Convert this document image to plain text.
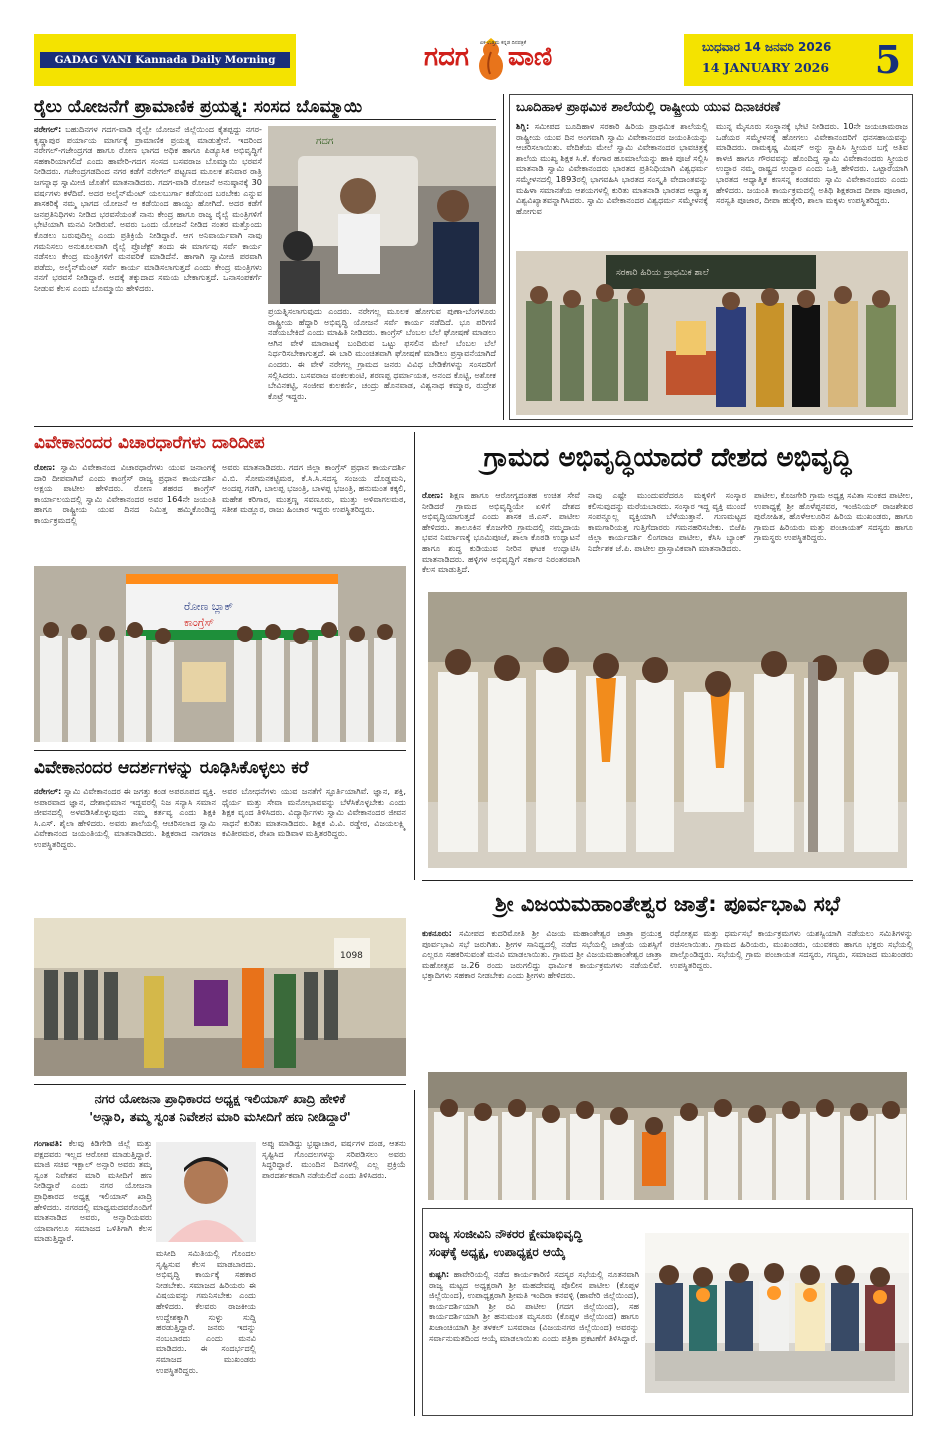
GADAG VANI Kannada Daily Morning	ಗದಗ ವಾಣಿ
ಏಕ ಉತ್ತಮ ಕನ್ನಡ ದಿನಪತ್ರಿಕೆ	ಬುಧವಾರ 14 ಜನವರಿ 2026
14 JANUARY 2026 5
ರೈಲು ಯೋಜನೆಗೆ ಪ್ರಾಮಾಣಿಕ ಪ್ರಯತ್ನ: ಸಂಸದ ಬೊಮ್ಮಾಯಿ

ನರೇಗಲ್: ಬಹುದಿನಗಳ ಗದಗ-ವಾಡಿ ರೈಲ್ವೇ ಯೋಜನೆ ಜಿಲ್ಲೆಯಿಂದ ಕೈತಪ್ಪದ್ದು ನಗರ-ಕೃಷ್ಣಾಪುರ ಪರ್ಯಾಯ ಮಾರ್ಗಕ್ಕೆ ಪ್ರಾಮಾಣಿಕ ಪ್ರಯತ್ನ ಮಾಡುತ್ತೇನೆ. ಇದರಿಂದ ನರೇಗಲ್-ಗಜೇಂದ್ರಗಡ ಹಾಗೂ ರೋಣ ಭಾಗದ ಅಧಿಕ ಹಾಗೂ ಪಿಡ್ಯೂಸಿಕ ಅಭಿವೃದ್ಧಿಗೆ ಸಹಕಾರಿಯಾಗಲಿದೆ ಎಂದು ಹಾವೇರಿ-ಗದಗ ಸಂಸದ ಬಸವರಾಜ ಬೊಮ್ಮಾಯಿ ಭರವಸೆ ನೀಡಿದರು. ಗಜೇಂದ್ರಗಡದಿಂದ ನಗರ ಕಡೆಗೆ ನರೇಗಲ್ ಪಟ್ಟಣದ ಮೂಲಕ ಶನಿವಾರ ರಾತ್ರಿ ಜಗನ್ನಾಥ ಸ್ವಾಮೀಜಿ ಜೊತೆಗೆ ಮಾತನಾಡಿದರು. ಗದಗ-ವಾಡಿ ರೋಜನೆ ಅನುಷ್ಠಾನಕ್ಕೆ 30 ವರ್ಷಗಳು ಕಳೆದಿವೆ. ಅದರ ಅಲೈನ್‌ಮೆಂಟ್ ಯಲಬುರ್ಗಾ ಕಡೆಯಿಂದ ಬರಬೇಕು ಎನ್ನುವ ಶಾಸಕರಿಕ್ಕೆ ನಮ್ಮ ಭಾಗದ ಯೋಜನೆ ಆ ಕಡೆಯಿಂದ ಹಾಯ್ದು ಹೋಗಿದೆ. ಅದರ ಕಡೆಗೆ ಜನಪ್ರತಿನಿಧಿಗಳು ನೀಡಿದ ಭರವಸೆಯಂತೆ ನಾನು ಕೇಂದ್ರ ಹಾಗೂ ರಾಜ್ಯ ರೈಲ್ವೆ ಮಂತ್ರಿಗಳಿಗೆ ಭೇಟಿಯಾಗಿ ಮನವಿ ನೀಡಿರುವೆ. ಅವರು ಒಂದು ಯೋಜನೆ ನೀಡಿದ ನಂತರ ಮತ್ತೊಂದು ಕೊಡಲು ಬರುವುದಿಲ್ಲ ಎಂದು ಪ್ರತಿಕ್ರಿಯೆ ನೀಡಿದ್ದಾರೆ. ಆಗ ಅನಿವಾರ್ಯವಾಗಿ ನಾವು ಗಮನಿಸಲು ಅನುಕೂಲವಾಗಿ ರೈಲ್ವೆ ಪ್ರೊಜೆಕ್ಟ್ ತಂದು ಈ ಮಾರ್ಗವು ಸರ್ವೆ ಕಾರ್ಯ ನಡೆಸಲು ಕೇಂದ್ರ ಮಂತ್ರಿಗಳಿಗೆ ಮನವರಿಕೆ ಮಾಡಿದೆನೆ. ಹಾಗಾಗಿ ಸ್ವಾಮೀಜಿ ಪರವಾಗಿ ಪಡೆದು, ಅಲೈನ್‌ಮೆಂಟ್ ಸರ್ವೆ ಕಾರ್ಯ ಮಾಡಿಸಲಾಗುತ್ತದೆ ಎಂದು ಕೇಂದ್ರ ಮಂತ್ರಿಗಳು ನನಗೆ ಭರವಸೆ ನೀಡಿದ್ದಾರೆ. ಅದಕ್ಕೆ ತಕ್ಕುದಾದ ಸಮಯ ಬೇಕಾಗುತ್ತದೆ. ಒನಾಸಂಪಕರ್ಗೆ ನೀಡುವ ಕೆಲಸ ಎಂದು ಬೊಮ್ಮಾಯಿ ಹೇಳಿದರು.

ಗದಗ

ಪ್ರಯತ್ನಿಸಲಾಗುವುದು ಎಂದರು. ನರೇಗಲ್ಲ ಮೂಲಕ ಹೋಗುವ ಪುಣಾ-ಬೆಂಗಳೂರು ರಾಷ್ಟ್ರೀಯ ಹೆದ್ದಾರಿ ಅಭಿವೃದ್ಧಿ ಯೋಜನೆ ಸರ್ವೆ ಕಾರ್ಯ ನಡೆದಿದೆ. ಭೂ ಪರಿಗಣಿ ನಡೆಯಬೇಕಿದೆ ಎಂದು ಮಾಹಿತಿ ನೀಡಿದರು. ಕಾಂಗ್ರೆಸ್ ಬೆಂಬಲ ಬೆಲೆ ಘೋಷಣೆ ಮಾಡಲು ಆಗಿನ ವೇಳೆ ಮಾರಾಟಕ್ಕೆ ಬಂದಿರುವ ಒಟ್ಟು ಫಸಲಿನ ಮೇಲೆ ಬೆಂಬಲ ಬೆಲೆ ನಿರ್ಧರಿಸಬೇಕಾಗುತ್ತದೆ. ಈ ಬಾರಿ ಮುಂಚಿತವಾಗಿ ಘೋಷಣೆ ಮಾಡಿಲು ಪ್ರಸ್ತಾವನೆಯಾಗಿದೆ ಎಂದರು. ಈ ವೇಳೆ ನರೇಗಲ್ಲ ಗ್ರಾಮದ ಜನರು ವಿವಿಧ ಬೇಡಿಕೆಗಳನ್ನು ಸಂಸದರಿಗೆ ಸಲ್ಲಿಸಿದರು. ಬಸವರಾಜ ವಂಕಲಕುಂಟಿ, ಶರಣಪ್ಪ ಧರ್ಮಾಯತ, ಅನಂದ ಕೊಟ್ಟಿ, ಅಶೋಕ ಬೇವಿನಕಟ್ಟಿ, ಸಂಜೀವ ಕುಲಕರ್ಣಿ, ಚಂದ್ರು ಹೊನವಾಡ, ವಿಶ್ವನಾಥ ಕಮ್ಮಾರ, ರುದ್ರೇಶ ಕೊಟ್ರೆ ಇದ್ದರು.

ಬೂದಿಹಾಳ ಪ್ರಾಥಮಿಕ ಶಾಲೆಯಲ್ಲಿ ರಾಷ್ಟ್ರೀಯ ಯುವ ದಿನಾಚರಣೆ

ಶಿಗ್ಲಿ: ಸಮೀಪದ ಬೂದಿಹಾಳ ಸರಕಾರಿ ಹಿರಿಯ ಪ್ರಾಥಮಿಕ ಶಾಲೆಯಲ್ಲಿ ರಾಷ್ಟ್ರೀಯ ಯುವ ದಿನ ಅಂಗವಾಗಿ ಸ್ವಾಮಿ ವಿವೇಕಾನಂದರ ಜಯಂತಿಯನ್ನು ಆಚರಿಸಲಾಯಿತು. ವೇದಿಕೆಯ ಮೇಲೆ ಸ್ವಾಮಿ ವಿವೇಕಾನಂದರ ಭಾವಚಿತ್ರಕ್ಕೆ ಶಾಲೆಯ ಮುಖ್ಯ ಶಿಕ್ಷಕ ಸಿ.ಕೆ. ಕೆಂಗಾರ ಹೂಮಾಲೆಯನ್ನು ಹಾಕಿ ಪೂಜೆ ಸಲ್ಲಿಸಿ ಮಾತನಾಡಿ ಸ್ವಾಮಿ ವಿವೇಕಾನಂದರು ಭಾರತದ ಪ್ರತಿನಿಧಿಯಾಗಿ ವಿಶ್ವಧರ್ಮ ಸಮ್ಮೇಳನದಲ್ಲಿ 1893ರಲ್ಲಿ ಭಾಗವಹಿಸಿ ಭಾರತದ ಸಂಸ್ಕೃತಿ ವೇದಾಂತವನ್ನು ಮಹಿಳಾ ಸಮಾನತೆಯ ಆಶಯಗಳಲ್ಲಿ ಕುರಿತು ಮಾತನಾಡಿ ಭಾರತದ ಆಧ್ಯಾತ್ಮ ವಿಶ್ವವಿಖ್ಯಾತವನ್ನಾಗಿಸಿದರು. ಸ್ವಾಮಿ ವಿವೇಕಾನಂದರ ವಿಶ್ವಧರ್ಮ ಸಮ್ಮೇಳನಕ್ಕೆ ಹೋಗುವ

ಮುನ್ನ ಮೈಸೂರು ಸಂಸ್ಥಾನಕ್ಕೆ ಭೇಟಿ ನೀಡಿದರು. 10ನೇ ಜಯಚಾಮರಾಜ ಒಡೆಯರ ಸಮ್ಮೇಳನಕ್ಕೆ ಹೋಗಲು ವಿವೇಕಾನಂದರಿಗೆ ಧನಸಹಾಯವನ್ನು ಮಾಡಿದರು. ರಾಮಕೃಷ್ಣ ಮಿಷನ್ ಅನ್ನು ಸ್ಥಾಪಿಸಿ ಸ್ತ್ರೀಯರ ಬಗ್ಗೆ ಅತಿವ ಕಾಳಜಿ ಹಾಗೂ ಗೌರವವನ್ನು ಹೊಂದಿದ್ದ ಸ್ವಾಮಿ ವಿವೇಕಾನಂದರು ಸ್ತ್ರೀಯರ ಉದ್ಧಾರ ನಮ್ಮ ರಾಷ್ಟ್ರದ ಉದ್ಧಾರ ಎಂದು ಒತ್ತಿ ಹೇಳಿದರು. ಒಟ್ಟಾರೆಯಾಗಿ ಭಾರತದ ಆಧ್ಯಾತ್ಮಿಕ ಕಣಸನ್ನ ಕಂಡವರು ಸ್ವಾಮಿ ವಿವೇಕಾನಂದರು ಎಂದು ಹೇಳಿದರು. ಜಯಂತಿ ಕಾರ್ಯಕ್ರಮದಲ್ಲಿ ಅತಿಥಿ ಶಿಕ್ಷಕರಾದ ದೀಪಾ ಪೂಜಾರ, ಸರಸ್ವತಿ ಪೂಜಾರ, ದೀಪಾ ಹುಕ್ಕೇರಿ, ಶಾಲಾ ಮಕ್ಕಳು ಉಪಸ್ಥಿತರಿದ್ದರು.

ಸರಕಾರಿ ಹಿರಿಯ ಪ್ರಾಥಮಿಕ ಶಾಲೆ
ವಿವೇಕಾನಂದರ ವಿಚಾರಧಾರೆಗಳು ದಾರಿದೀಪ

ರೋಣ: ಸ್ವಾಮಿ ವಿವೇಕಾನಂದ ವಿಚಾರಧಾರೆಗಳು ಯುವ ಜನಾಂಗಕ್ಕೆ ದಾರಿ ದೀಪವಾಗಿವೆ ಎಂದು ಕಾಂಗ್ರೆಸ್ ರಾಜ್ಯ ಪ್ರಧಾನ ಕಾರ್ಯದರ್ಶಿ ಅಕ್ಷಯ ಪಾಟೀಲ ಹೇಳಿದರು. ರೋಣ ಶಹರದ ಕಾಂಗ್ರೆಸ್ ಕಾರ್ಯಾಲಯದಲ್ಲಿ ಸ್ವಾಮಿ ವಿವೇಕಾನಂದರ ಅವರ 164ನೇ ಜಯಂತಿ ಹಾಗೂ ರಾಷ್ಟ್ರೀಯ ಯುವ ದಿನದ ನಿಮಿತ್ತ ಹಮ್ಮಿಕೊಂಡಿದ್ದ ಕಾರ್ಯಕ್ರಮದಲ್ಲಿ

ಅವರು ಮಾತನಾಡಿದರು. ಗದಗ ಜಿಲ್ಲಾ ಕಾಂಗ್ರೆಸ್ ಪ್ರಧಾನ ಕಾರ್ಯದರ್ಶಿ ವಿ.ಬಿ. ಸೋಮನಕಟ್ಟಿಮಠ, ಕೆ.ಸಿ.ಸಿ.ಸದಸ್ಯ ಸಂಜಯ ದೊಡ್ಡಮನಿ, ಅಂದಪ್ಪ ಗಡಗಿ, ಬಾಲಪ್ಪ ಭಜಂತ್ರಿ, ಬಾಳಪ್ಪ ಭಜಂತ್ರಿ, ಹನುಮಂತ ಕಕ್ಕಲಿ, ಮಹೇಶ ಕರಿಗಾರ, ಮುತ್ತಣ್ಣ ಸವಣೂರು, ಮುತ್ತು ಅಳಿವಾಗಲಮಠ, ಸತೀಶ ಮಡ್ಲೂರ, ರಾಜು ಹಿಂಚಾರ ಇದ್ದರು ಉಪಸ್ಥಿತರಿದ್ದರು.

ರೋಣ ಬ್ಲಾಕ್
ಕಾಂಗ್ರೆಸ್
ಗ್ರಾಮದ ಅಭಿವೃದ್ಧಿಯಾದರೆ ದೇಶದ ಅಭಿವೃದ್ಧಿ

ರೋಣ: ಶಿಕ್ಷಣ ಹಾಗೂ ಆರೋಗ್ಯದಂತಹ ಉಚಿತ ಸೇವೆ ನೀಡಿದರೆ ಗ್ರಾಮದ ಅಭಿವೃದ್ಧಿಯೇ ಏಳಿಗೆ ದೇಶದ ಅಭಿವೃದ್ಧಿಯಾಗುತ್ತದೆ ಎಂದು ಶಾಸಕ ಜಿ.ಎಸ್. ಪಾಟೀಲ ಹೇಳಿದರು. ತಾಲೂಕಿನ ಕೊಜಗೇರಿ ಗ್ರಾಮದಲ್ಲಿ ನಮ್ಮದಾಯ ಭವನ ನಿರ್ಮಾಣಕ್ಕೆ ಭೂಮಿಪೂಜೆ, ಶಾಲಾ ಕೊಠಡಿ ಉದ್ಘಾಟನೆ ಹಾಗೂ ಶುದ್ಧ ಕುಡಿಯುವ ನೀರಿನ ಘಟಕ ಉದ್ಘಾಟಿಸಿ ಮಾತನಾಡಿದರು. ಹಳ್ಳಿಗಳ ಅಭಿವೃದ್ಧಿಗೆ ಸರ್ಕಾರ ನಿರಂತರವಾಗಿ ಕೆಲಸ ಮಾಡುತ್ತಿದೆ.

ನಾವು ಎಷ್ಟೇ ಮುಂದುವರೆದರೂ ಮಕ್ಕಳಿಗೆ ಸಂಸ್ಕಾರ ಕಲಿಸುವುದನ್ನು ಮರೆಯಬಾರದು. ಸಂಸ್ಕಾರ ಇದ್ದ ವ್ಯಕ್ತಿ ಮುಂದೆ ಸಂಪನ್ನೂಲ್ಲ ವ್ಯಕ್ತಿಯಾಗಿ ಬೆಳೆಯುತ್ತಾನೆ. ಗುಣಮಟ್ಟದ ಕಾಮಗಾರಿಯತ್ತ ಗುತ್ತಿಗೆದಾರರು ಗಮನಹರಿಸಬೇಕು. ಬಿಜೆಪಿ ಜಿಲ್ಲಾ ಕಾರ್ಯದರ್ಶಿ ಲಿಂಗರಾಜ ಪಾಟೀಲ, ಕೆಸಿಸಿ ಬ್ಯಾಂಕ್ ನಿರ್ದೇಶಕ ಜೆ.ಪಿ. ಪಾಟೀಲ ಪ್ರಾಸ್ತಾವಿಕವಾಗಿ ಮಾತನಾಡಿದರು.

ಪಾಟೀಲ, ಕೊಜಗೇರಿ ಗ್ರಾಮ ಅಧ್ಯಕ್ಷ ಸವಿತಾ ಸುಂಕದ ಪಾಟೀಲ, ಉಪಾಧ್ಯಕ್ಷೆ ಶ್ರೀ ಹೊಳೆಪ್ಪನವರ, ಇಂಜಿನಿಯರ್ ರಾಜಶೇಖರ ಪುರೋಹಿತ, ಹೊಳೆಆಲೂರಿನ ಹಿರಿಯ ಮುಖಂಡರು, ಹಾಗೂ ಗ್ರಾಮದ ಹಿರಿಯರು ಮತ್ತು ಪಂಚಾಯತ್ ಸದಸ್ಯರು ಹಾಗೂ ಗ್ರಾಮಸ್ಥರು ಉಪಸ್ಥಿತರಿದ್ದರು.

ವಿವೇಕಾನಂದರ ಆದರ್ಶಗಳನ್ನು ರೂಢಿಸಿಕೊಳ್ಳಲು ಕರೆ

ನರೇಗಲ್: ಸ್ವಾಮಿ ವಿವೇಕಾನಂದರ ಈ ಜಗತ್ತು ಕಂಡ ಅಪರೂಪದ ವ್ಯಕ್ತಿ. ಅಪಾರವಾದ ಜ್ಞಾನ, ದೇಶಾಭಿಮಾನ ಇದ್ದವರಲ್ಲಿ ನಿಜ ಸನ್ಯಾಸಿ ಸಮಾನ ಜೀವನದಲ್ಲಿ ಅಳವಡಿಸಿಕೊಳ್ಳುವುದು ನಮ್ಮ ಕರ್ತವ್ಯ ಎಂದು ಶಿಕ್ಷಕಿ ಸಿ.ಎಸ್. ಶೈಲಾ ಹೇಳಿದರು. ಅವರು ಶಾಲೆಯಲ್ಲಿ ಆಚರಿಸಲಾದ ಸ್ವಾಮಿ ವಿವೇಕಾನಂದ ಜಯಂತಿಯಲ್ಲಿ ಮಾತನಾಡಿದರು. ಶಿಕ್ಷಕರಾದ ನಾಗರಾಜ ಉಪಸ್ಥಿತರಿದ್ದರು.

ಅವರ ಬೋಧನೆಗಳು ಯುವ ಜನತೆಗೆ ಸ್ಫೂರ್ತಿಯಾಗಿವೆ. ಜ್ಞಾನ, ಶಕ್ತಿ, ಧೈರ್ಯ ಮತ್ತು ಸೇವಾ ಮನೋಭಾವವನ್ನು ಬೆಳೆಸಿಕೊಳ್ಳಬೇಕು ಎಂದು ಶಿಕ್ಷಕ ವೃಂದ ತಿಳಿಸಿದರು. ವಿದ್ಯಾರ್ಥಿಗಳು ಸ್ವಾಮಿ ವಿವೇಕಾನಂದರ ಜೀವನ ಸಾಧನೆ ಕುರಿತು ಮಾತನಾಡಿದರು. ಶಿಕ್ಷಕ ವಿ.ವಿ. ರಡ್ಡೇರ, ವಿಜಯಲಕ್ಷ್ಮಿ ಕವಿತೀರಮಠ, ರೇಖಾ ಮಡಿವಾಳ ಮತ್ತಿತರರಿದ್ದರು.

1098
ಶ್ರೀ ವಿಜಯಮಹಾಂತೇಶ್ವರ ಜಾತ್ರೆ: ಪೂರ್ವಭಾವಿ ಸಭೆ

ಕುಕನೂರು: ಸಮೀಪದ ಕುದರಿಮೋತಿ ಶ್ರೀ ವಿಜಯ ಮಹಾಂತೇಶ್ವರ ಜಾತ್ರಾ ಪ್ರಯುಕ್ತ ಪೂರ್ವಭಾವಿ ಸಭೆ ಜರುಗಿತು. ಶ್ರೀಗಳ ಸಾನಿಧ್ಯದಲ್ಲಿ ನಡೆದ ಸಭೆಯಲ್ಲಿ ಜಾತ್ರೆಯ ಯಶಸ್ಸಿಗೆ ಎಲ್ಲರೂ ಸಹಕರಿಸುವಂತೆ ಮನವಿ ಮಾಡಲಾಯಿತು. ಗ್ರಾಮದ ಶ್ರೀ ವಿಜಯಮಹಾಂತೇಶ್ವರ ಜಾತ್ರಾ ಮಹೋತ್ಸವ ಜ.26 ರಂದು ಜರುಗಲಿದ್ದು ಧಾರ್ಮಿಕ ಕಾರ್ಯಕ್ರಮಗಳು ನಡೆಯಲಿವೆ. ಭಕ್ತಾದಿಗಳು ಸಹಕಾರ ನೀಡಬೇಕು ಎಂದು ಶ್ರೀಗಳು ಹೇಳಿದರು.

ರಥೋತ್ಸವ ಮತ್ತು ಧರ್ಮಸಭೆ ಕಾರ್ಯಕ್ರಮಗಳು ಯಶಸ್ವಿಯಾಗಿ ನಡೆಯಲು ಸಮಿತಿಗಳನ್ನು ರಚಿಸಲಾಯಿತು. ಗ್ರಾಮದ ಹಿರಿಯರು, ಮುಖಂಡರು, ಯುವಕರು ಹಾಗೂ ಭಕ್ತರು ಸಭೆಯಲ್ಲಿ ಪಾಲ್ಗೊಂಡಿದ್ದರು. ಸಭೆಯಲ್ಲಿ ಗ್ರಾಮ ಪಂಚಾಯತ ಸದಸ್ಯರು, ಗಣ್ಯರು, ಸಮಾಜದ ಮುಖಂಡರು ಉಪಸ್ಥಿತರಿದ್ದರು.

ನಗರ ಯೋಜನಾ ಪ್ರಾಧಿಕಾರದ ಅಧ್ಯಕ್ಷ ಇಲಿಯಾಸ್ ಖಾದ್ರಿ ಹೇಳಿಕೆ
'ಅನ್ಸಾರಿ, ತಮ್ಮ ಸ್ವಂತ ನಿವೇಶನ ಮಾರಿ ಮಸೀದಿಗೆ ಹಣ ನೀಡಿದ್ದಾರೆ'

ಗಂಗಾವತಿ: ಕೆಲವು ಕಿಡಿಗೇಡಿ ಜಿಲ್ಲೆ ಮತ್ತು ಪಕ್ಷದವರು ಇಲ್ಲದ ಆರೋಪ ಮಾಡುತ್ತಿದ್ದಾರೆ. ಮಾಜಿ ಸಚಿವ ಇಕ್ಬಾಲ್ ಅನ್ಸಾರಿ ಅವರು ತಮ್ಮ ಸ್ವಂತ ನಿವೇಶನ ಮಾರಿ ಮಸೀದಿಗೆ ಹಣ ನೀಡಿದ್ದಾರೆ ಎಂದು ನಗರ ಯೋಜನಾ ಪ್ರಾಧಿಕಾರದ ಅಧ್ಯಕ್ಷ ಇಲಿಯಾಸ್ ಖಾದ್ರಿ ಹೇಳಿದರು. ನಗರದಲ್ಲಿ ಮಾಧ್ಯಮದವರೊಂದಿಗೆ ಮಾತನಾಡಿದ ಅವರು, ಅನ್ಸಾರಿಯವರು ಯಾವಾಗಲೂ ಸಮಾಜದ ಒಳಿತಿಗಾಗಿ ಕೆಲಸ ಮಾಡುತ್ತಿದ್ದಾರೆ.

ಮಸೀದಿ ಸಮಿತಿಯಲ್ಲಿ ಗೊಂದಲ ಸೃಷ್ಟಿಸುವ ಕೆಲಸ ಮಾಡಬಾರದು. ಅಭಿವೃದ್ಧಿ ಕಾರ್ಯಕ್ಕೆ ಸಹಕಾರ ನೀಡಬೇಕು. ಸಮಾಜದ ಹಿರಿಯರು ಈ ವಿಷಯವನ್ನು ಗಮನಿಸಬೇಕು ಎಂದು ಹೇಳಿದರು. ಕೆಲವರು ರಾಜಕೀಯ ಉದ್ದೇಶಕ್ಕಾಗಿ ಸುಳ್ಳು ಸುದ್ದಿ ಹರಡುತ್ತಿದ್ದಾರೆ. ಜನರು ಇದನ್ನು ನಂಬಬಾರದು ಎಂದು ಮನವಿ ಮಾಡಿದರು. ಈ ಸಂದರ್ಭದಲ್ಲಿ ಸಮಾಜದ ಮುಖಂಡರು ಉಪಸ್ಥಿತರಿದ್ದರು.

ಅಪ್ಪು ಮಾಡಿದ್ದು ಭ್ರಷ್ಟಾಚಾರ, ವರ್ಷಗಳ ದಂಡ, ಆತನು ಸೃಷ್ಟಿಸಿದ ಗೊಂದಲಗಳನ್ನು ಸರಿಪಡಿಸಲು ಅವರು ಸಿದ್ಧರಿದ್ದಾರೆ. ಮುಂದಿನ ದಿನಗಳಲ್ಲಿ ಎಲ್ಲ ಪ್ರಕ್ರಿಯೆ ಪಾರದರ್ಶಕವಾಗಿ ನಡೆಯಲಿದೆ ಎಂದು ತಿಳಿಸಿದರು.

ರಾಜ್ಯ ಸಂಜೀವಿನಿ ನೌಕರರ ಕ್ಷೇಮಾಭಿವೃದ್ಧಿ
ಸಂಘಕ್ಕೆ ಅಧ್ಯಕ್ಷ, ಉಪಾಧ್ಯಕ್ಷರ ಆಯ್ಕೆ

ಕುಷ್ಟಗಿ: ಹಾವೇರಿಯಲ್ಲಿ ನಡೆದ ಕಾರ್ಯಕಾರಿಣಿ ಸದಸ್ಯರ ಸಭೆಯಲ್ಲಿ ನೂತನವಾಗಿ ರಾಜ್ಯ ಮಟ್ಟದ ಅಧ್ಯಕ್ಷರಾಗಿ ಶ್ರೀ ಮಹದೇವಪ್ಪ ಪೊಲೀಸ ಪಾಟೀಲ (ಕೊಪ್ಪಳ ಜಿಲ್ಲೆಯಿಂದ), ಉಪಾಧ್ಯಕ್ಷರಾಗಿ ಶ್ರೀಮತಿ ಇಂದಿರಾ ಕನವಳ್ಳಿ (ಹಾವೇರಿ ಜಿಲ್ಲೆಯಿಂದ), ಕಾರ್ಯದರ್ಶಿಯಾಗಿ ಶ್ರೀ ರವಿ ಪಾಟೀಲ (ಗದಗ ಜಿಲ್ಲೆಯಿಂದ), ಸಹ ಕಾರ್ಯದರ್ಶಿಯಾಗಿ ಶ್ರೀ ಹನುಮಂತ ಮ್ಯಸೂರು (ಕೊಪ್ಪಳ ಜಿಲ್ಲೆಯಿಂದ) ಹಾಗೂ ಖಜಾಂಚಿಯಾಗಿ ಶ್ರೀ ತಳಕಲ್ ಬಸವರಾಜ (ವಿಜಯನಗರ ಜಿಲ್ಲೆಯಿಂದ) ಅವರನ್ನು ಸರ್ವಾನುಮತದಿಂದ ಆಯ್ಕೆ ಮಾಡಲಾಯಿತು ಎಂದು ಪತ್ರಿಕಾ ಪ್ರಕಟಣೆಗೆ ತಿಳಿಸಿದ್ದಾರೆ.
